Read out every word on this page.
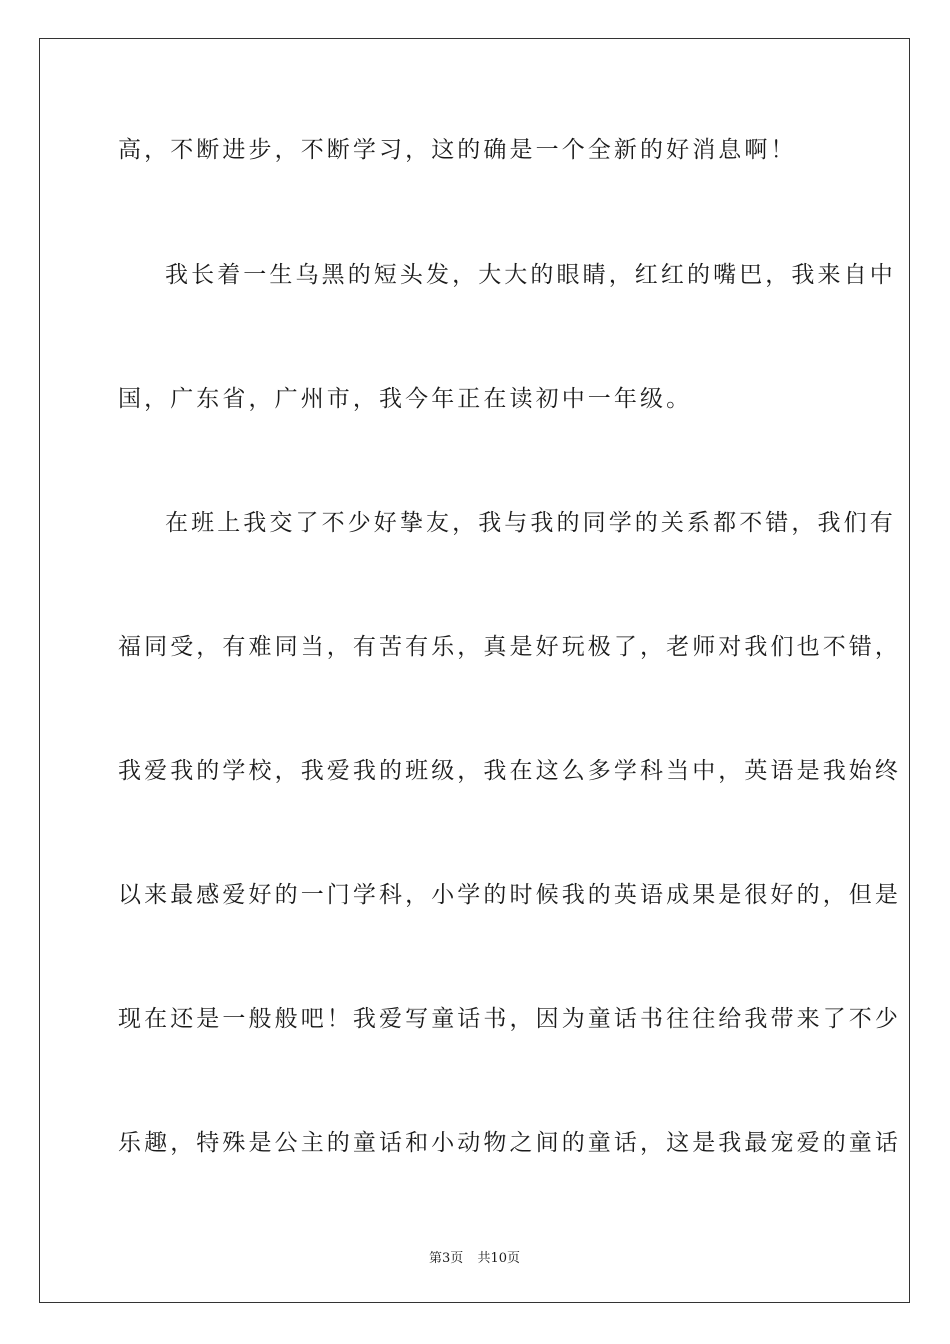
高，不断进步，不断学习，这的确是一个全新的好消息啊！
我长着一生乌黑的短头发，大大的眼睛，红红的嘴巴，我来自中
国，广东省，广州市，我今年正在读初中一年级。
在班上我交了不少好挚友，我与我的同学的关系都不错，我们有
福同受，有难同当，有苦有乐，真是好玩极了，老师对我们也不错，
我爱我的学校，我爱我的班级，我在这么多学科当中，英语是我始终
以来最感爱好的一门学科，小学的时候我的英语成果是很好的，但是
现在还是一般般吧！我爱写童话书，因为童话书往往给我带来了不少
乐趣，特殊是公主的童话和小动物之间的童话，这是我最宠爱的童话
第3页 共10页
